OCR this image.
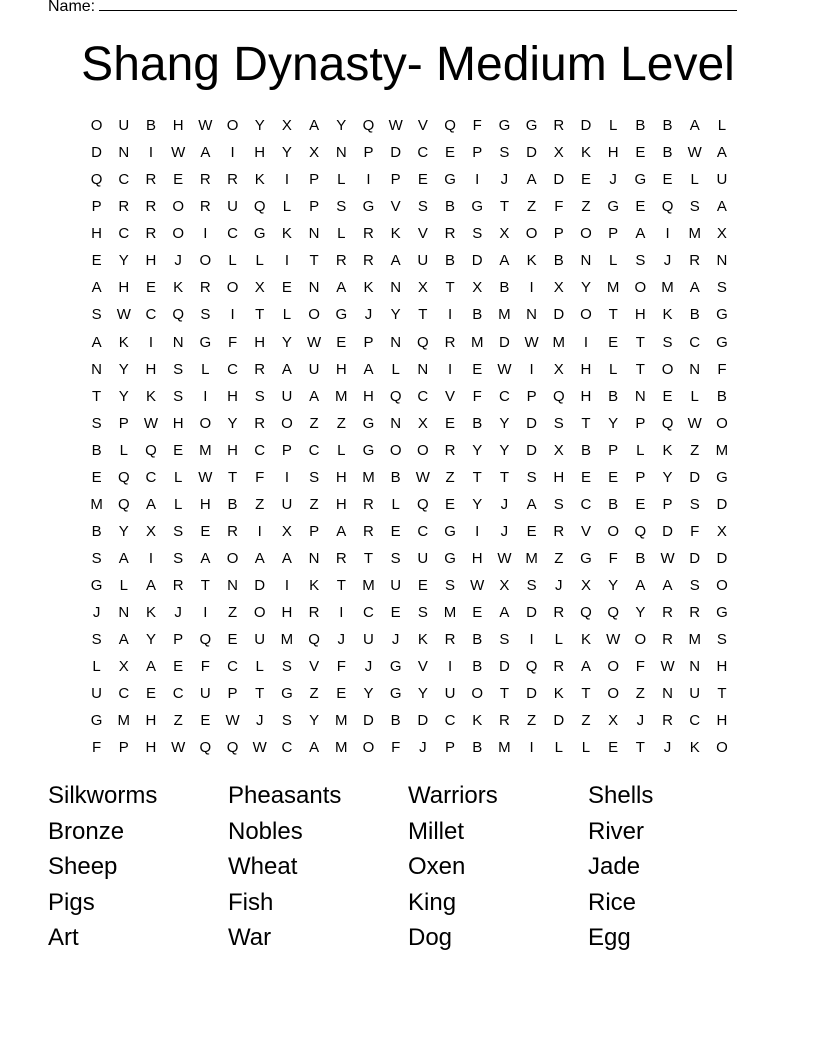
Name:
Shang Dynasty- Medium Level
O	U	B	H W O	Y	X	A	Y	Q W	V	Q	F	G	G	R	D	L	B	B	A	L
D	N	I	W	A	I	H	Y	X	N	P	D	C	E	P	S	D	X	K	H	E	B	W	A
Q	C	R	E	R	R	K	I	P	L	I	P	E	G	I	J	A	D	E	J	G	E	L	U
P	R	R	O	R	U	Q	L	P	S	G	V	S	B	G	T	Z	F	Z	G	E	Q	S	A
H	C	R	O	I	C	G	K	N	L	R	K	V	R	S	X	O	P	O	P	A	I	M	X
E	Y	H	J	O	L	L	I	T	R	R	A	U	B	D	A	K	B	N	L	S	J	R	N
A	H	E	K	R	O	X	E	N	A	K	N	X	T	X	B	I	X	Y	M	O	M	A	S
S	W C	Q	S	I	T	L	O	G	J	Y	T	I	B	M	N	D	O	T	H	K	B	G
A	K	I	N	G	F	H	Y	W	E	P	N	Q	R	M	D W M	I	E	T	S	C	G
N	Y	H	S	L	C	R	A	U	H	A	L	N	I	E	W	I	X	H	L	T	O	N	F
T	Y	K	S	I	H	S	U	A	M	H	Q	C	V	F	C	P	Q	H	B	N	E	L	B
S	P	W H	O	Y	R	O	Z	Z	G	N	X	E	B	Y	D	S	T	Y	P	Q W O
B	L	Q	E	M	H	C	P	C	L	G	O	O	R	Y	Y	D	X	B	P	L	K	Z	M
E	Q	C	L	W	T	F	I	S	H	M	B	W	Z	T	T	S	H	E	E	P	Y	D	G
M	Q	A	L	H	B	Z	U	Z	H	R	L	Q	E	Y	J	A	S	C	B	E	P	S	D
B	Y	X	S	E	R	I	X	P	A	R	E	C	G	I	J	E	R	V	O	Q	D	F	X
S	A	I	S	A	O	A	A	N	R	T	S	U	G	H W M	Z	G	F	B	W D	D
G	L	A	R	T	N	D	I	K	T	M	U	E	S	W	X	S	J	X	Y	A	A	S	O
J	N	K	J	I	Z	O	H	R	I	C	E	S	M	E	A	D	R	Q	Q	Y	R	R	G
S	A	Y	P	Q	E	U	M	Q	J	U	J	K	R	B	S	I	L	K	W O	R	M	S
L	X	A	E	F	C	L	S	V	F	J	G	V	I	B	D	Q	R	A	O	F	W N	H
U	C	E	C	U	P	T	G	Z	E	Y	G	Y	U	O	T	D	K	T	O	Z	N	U	T
G	M	H	Z	E	W	J	S	Y	M	D	B	D	C	K	R	Z	D	Z	X	J	R	C	H
F	P	H W Q	Q W C	A	M	O	F	J	P	B	M	I	L	L	E	T	J	K	O
Silkworms	Pheasants	Warriors	Shells
Bronze	Nobles	Millet	River
Sheep	Wheat	Oxen	Jade
Pigs	Fish	King	Rice
Art	War	Dog	Egg
